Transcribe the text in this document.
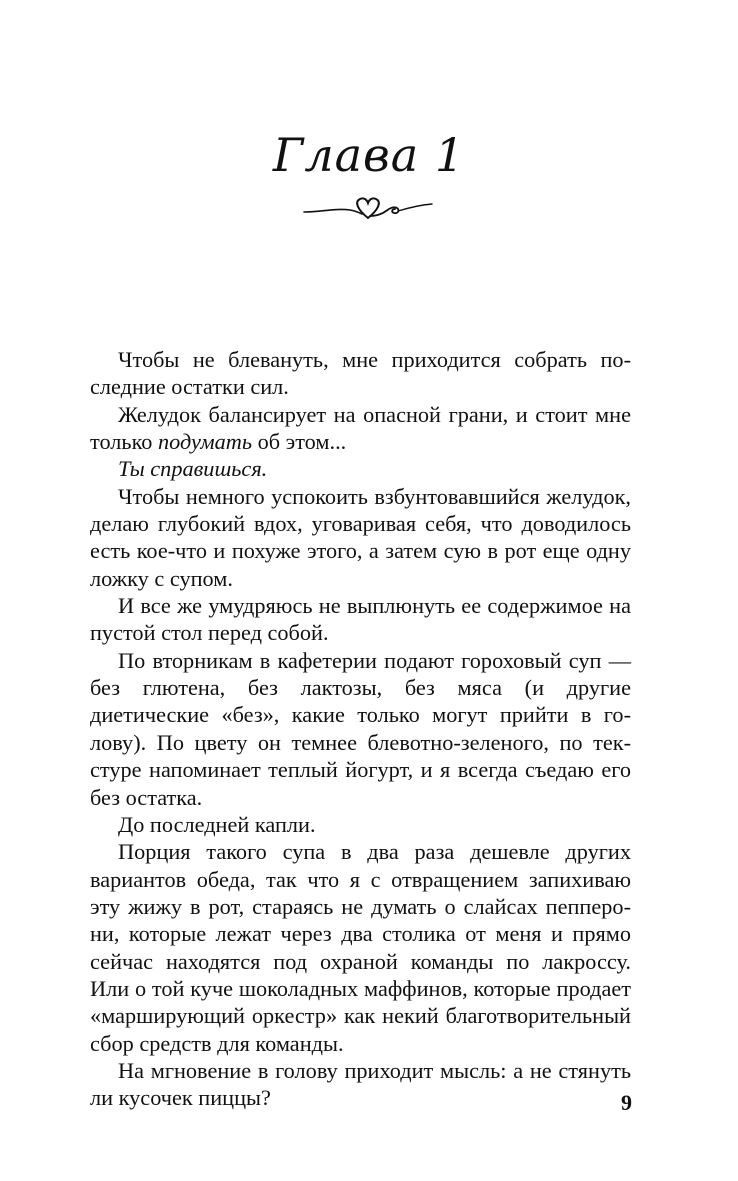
Глава 1

Чтобы не блевануть, мне приходится собрать последние остатки сил.

Желудок балансирует на опасной грани, и стоит мне только подумать об этом...

Ты справишься.

Чтобы немного успокоить взбунтовавшийся желудок, делаю глубокий вдох, уговаривая себя, что доводилось есть кое-что и похуже этого, а затем сую в рот еще одну ложку с супом.

И все же умудряюсь не выплюнуть ее содержимое на пустой стол перед собой.

По вторникам в кафетерии подают гороховый суп — без глютена, без лактозы, без мяса (и другие диетические «без», какие только могут прийти в голову). По цвету он темнее блевотно-зеленого, по текстуре напоминает теплый йогурт, и я всегда съедаю его без остатка.

До последней капли.

Порция такого супа в два раза дешевле других вариантов обеда, так что я с отвращением запихиваю эту жижу в рот, стараясь не думать о слайсах пепперони, которые лежат через два столика от меня и прямо сейчас находятся под охраной команды по лакроссу. Или о той куче шоколадных маффинов, которые продает «марширующий оркестр» как некий благотворительный сбор средств для команды.

На мгновение в голову приходит мысль: а не стянуть ли кусочек пиццы?	9
